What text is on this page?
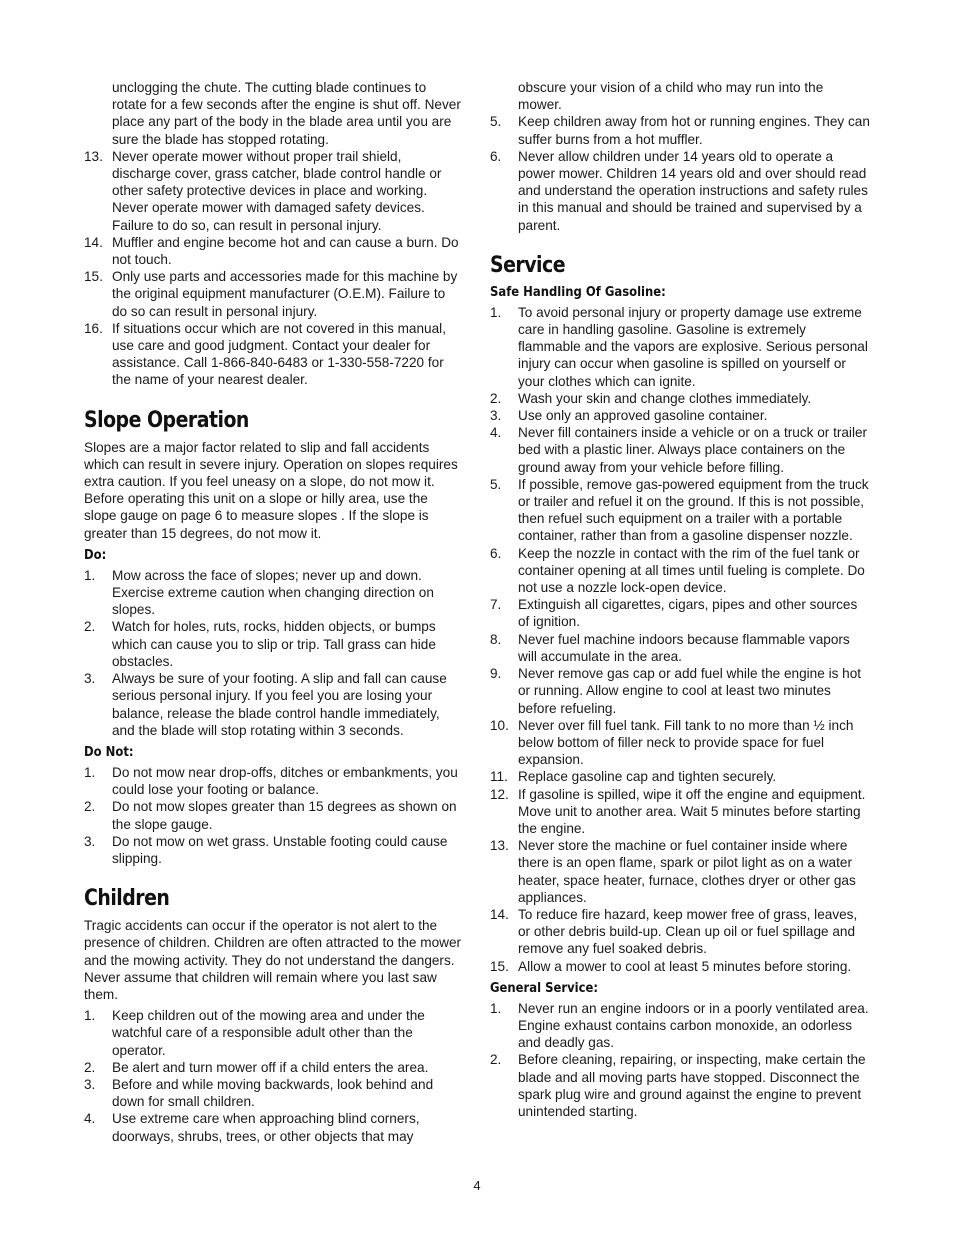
unclogging the chute. The cutting blade continues to rotate for a few seconds after the engine is shut off. Never place any part of the body in the blade area until you are sure the blade has stopped rotating.

13. Never operate mower without proper trail shield, discharge cover, grass catcher, blade control handle or other safety protective devices in place and working. Never operate mower with damaged safety devices. Failure to do so, can result in personal injury.
14. Muffler and engine become hot and can cause a burn. Do not touch.
15. Only use parts and accessories made for this machine by the original equipment manufacturer (O.E.M). Failure to do so can result in personal injury.
16. If situations occur which are not covered in this manual, use care and good judgment. Contact your dealer for assistance. Call 1-866-840-6483 or 1-330-558-7220 for the name of your nearest dealer.
Slope Operation

Slopes are a major factor related to slip and fall accidents which can result in severe injury. Operation on slopes requires extra caution. If you feel uneasy on a slope, do not mow it. Before operating this unit on a slope or hilly area, use the slope gauge on page 6 to measure slopes . If the slope is greater than 15 degrees, do not mow it.

Do:
1. Mow across the face of slopes; never up and down. Exercise extreme caution when changing direction on slopes.
2. Watch for holes, ruts, rocks, hidden objects, or bumps which can cause you to slip or trip. Tall grass can hide obstacles.
3. Always be sure of your footing. A slip and fall can cause serious personal injury. If you feel you are losing your balance, release the blade control handle immediately, and the blade will stop rotating within 3 seconds.
Do Not:
1. Do not mow near drop-offs, ditches or embankments, you could lose your footing or balance.
2. Do not mow slopes greater than 15 degrees as shown on the slope gauge.
3. Do not mow on wet grass. Unstable footing could cause slipping.
Children

Tragic accidents can occur if the operator is not alert to the presence of children. Children are often attracted to the mower and the mowing activity. They do not understand the dangers. Never assume that children will remain where you last saw them.

1. Keep children out of the mowing area and under the watchful care of a responsible adult other than the operator.
2. Be alert and turn mower off if a child enters the area.
3. Before and while moving backwards, look behind and down for small children.
4. Use extreme care when approaching blind corners, doorways, shrubs, trees, or other objects that may

obscure your vision of a child who may run into the mower.

5. Keep children away from hot or running engines. They can suffer burns from a hot muffler.
6. Never allow children under 14 years old to operate a power mower. Children 14 years old and over should read and understand the operation instructions and safety rules in this manual and should be trained and supervised by a parent.
Service
Safe Handling Of Gasoline:
1. To avoid personal injury or property damage use extreme care in handling gasoline. Gasoline is extremely flammable and the vapors are explosive. Serious personal injury can occur when gasoline is spilled on yourself or your clothes which can ignite.
2. Wash your skin and change clothes immediately.
3. Use only an approved gasoline container.
4. Never fill containers inside a vehicle or on a truck or trailer bed with a plastic liner. Always place containers on the ground away from your vehicle before filling.
5. If possible, remove gas-powered equipment from the truck or trailer and refuel it on the ground. If this is not possible, then refuel such equipment on a trailer with a portable container, rather than from a gasoline dispenser nozzle.
6. Keep the nozzle in contact with the rim of the fuel tank or container opening at all times until fueling is complete. Do not use a nozzle lock-open device.
7. Extinguish all cigarettes, cigars, pipes and other sources of ignition.
8. Never fuel machine indoors because flammable vapors will accumulate in the area.
9. Never remove gas cap or add fuel while the engine is hot or running. Allow engine to cool at least two minutes before refueling.
10. Never over fill fuel tank. Fill tank to no more than ½ inch below bottom of filler neck to provide space for fuel expansion.
11. Replace gasoline cap and tighten securely.
12. If gasoline is spilled, wipe it off the engine and equipment. Move unit to another area. Wait 5 minutes before starting the engine.
13. Never store the machine or fuel container inside where there is an open flame, spark or pilot light as on a water heater, space heater, furnace, clothes dryer or other gas appliances.
14. To reduce fire hazard, keep mower free of grass, leaves, or other debris build-up. Clean up oil or fuel spillage and remove any fuel soaked debris.
15. Allow a mower to cool at least 5 minutes before storing.
General Service:
1. Never run an engine indoors or in a poorly ventilated area. Engine exhaust contains carbon monoxide, an odorless and deadly gas.
2. Before cleaning, repairing, or inspecting, make certain the blade and all moving parts have stopped. Disconnect the spark plug wire and ground against the engine to prevent unintended starting.
4
